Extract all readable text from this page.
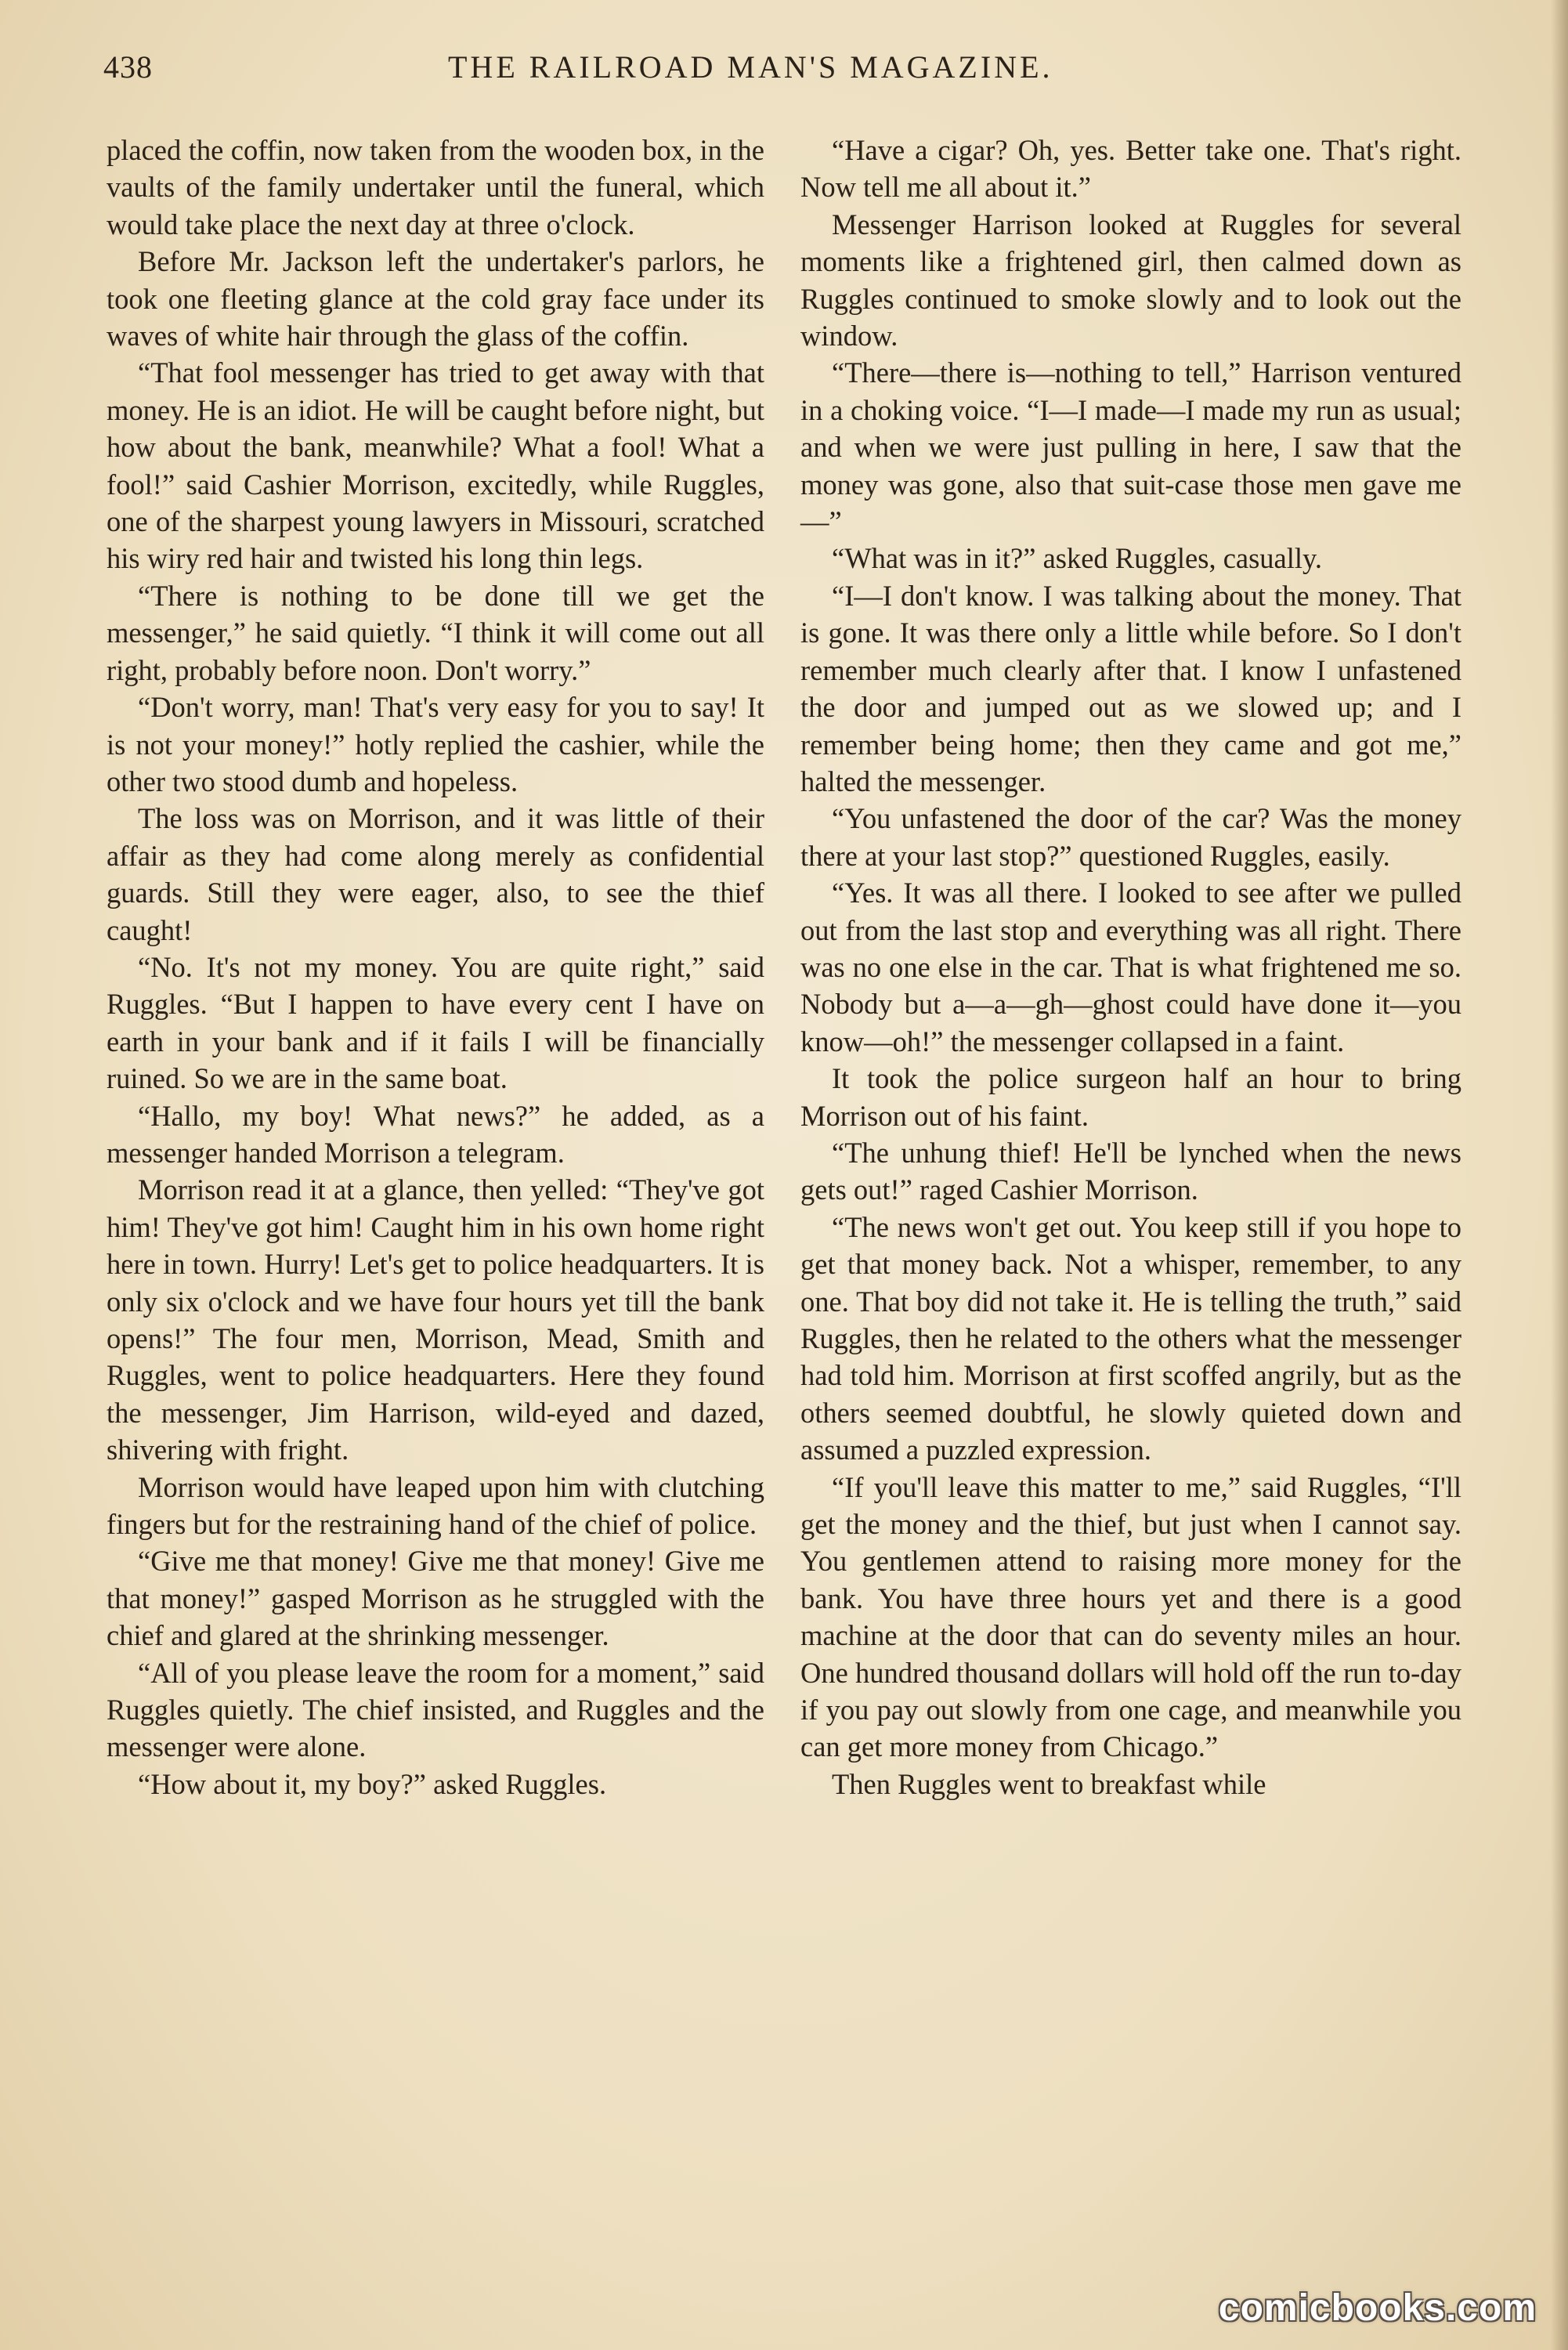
438	THE RAILROAD MAN'S MAGAZINE.

placed the coffin, now taken from the wooden box, in the vaults of the family undertaker until the funeral, which would take place the next day at three o'clock.

Before Mr. Jackson left the undertaker's parlors, he took one fleeting glance at the cold gray face under its waves of white hair through the glass of the coffin.

“That fool messenger has tried to get away with that money. He is an idiot. He will be caught before night, but how about the bank, meanwhile? What a fool! What a fool!” said Cashier Morrison, excitedly, while Ruggles, one of the sharpest young lawyers in Missouri, scratched his wiry red hair and twisted his long thin legs.

“There is nothing to be done till we get the messenger,” he said quietly. “I think it will come out all right, probably before noon. Don't worry.”

“Don't worry, man! That's very easy for you to say! It is not your money!” hotly replied the cashier, while the other two stood dumb and hopeless.

The loss was on Morrison, and it was little of their affair as they had come along merely as confidential guards. Still they were eager, also, to see the thief caught!

“No. It's not my money. You are quite right,” said Ruggles. “But I happen to have every cent I have on earth in your bank and if it fails I will be financially ruined. So we are in the same boat.

“Hallo, my boy! What news?” he added, as a messenger handed Morrison a telegram.

Morrison read it at a glance, then yelled: “They've got him! They've got him! Caught him in his own home right here in town. Hurry! Let's get to police headquarters. It is only six o'clock and we have four hours yet till the bank opens!” The four men, Morrison, Mead, Smith and Ruggles, went to police headquarters. Here they found the messenger, Jim Harrison, wild-eyed and dazed, shivering with fright.

Morrison would have leaped upon him with clutching fingers but for the restraining hand of the chief of police.

“Give me that money! Give me that money! Give me that money!” gasped Morrison as he struggled with the chief and glared at the shrinking messenger.

“All of you please leave the room for a moment,” said Ruggles quietly. The chief insisted, and Ruggles and the messenger were alone.

“How about it, my boy?” asked Ruggles.

“Have a cigar? Oh, yes. Better take one. That's right. Now tell me all about it.”

Messenger Harrison looked at Ruggles for several moments like a frightened girl, then calmed down as Ruggles continued to smoke slowly and to look out the window.

“There—there is—nothing to tell,” Harrison ventured in a choking voice. “I—I made—I made my run as usual; and when we were just pulling in here, I saw that the money was gone, also that suit-case those men gave me—”

“What was in it?” asked Ruggles, casually.

“I—I don't know. I was talking about the money. That is gone. It was there only a little while before. So I don't remember much clearly after that. I know I unfastened the door and jumped out as we slowed up; and I remember being home; then they came and got me,” halted the messenger.

“You unfastened the door of the car? Was the money there at your last stop?” questioned Ruggles, easily.

“Yes. It was all there. I looked to see after we pulled out from the last stop and everything was all right. There was no one else in the car. That is what frightened me so. Nobody but a—a—gh—ghost could have done it—you know—oh!” the messenger collapsed in a faint.

It took the police surgeon half an hour to bring Morrison out of his faint.

“The unhung thief! He'll be lynched when the news gets out!” raged Cashier Morrison.

“The news won't get out. You keep still if you hope to get that money back. Not a whisper, remember, to any one. That boy did not take it. He is telling the truth,” said Ruggles, then he related to the others what the messenger had told him. Morrison at first scoffed angrily, but as the others seemed doubtful, he slowly quieted down and assumed a puzzled expression.

“If you'll leave this matter to me,” said Ruggles, “I'll get the money and the thief, but just when I cannot say. You gentlemen attend to raising more money for the bank. You have three hours yet and there is a good machine at the door that can do seventy miles an hour. One hundred thousand dollars will hold off the run to-day if you pay out slowly from one cage, and meanwhile you can get more money from Chicago.”

Then Ruggles went to breakfast while

comicbooks.com
